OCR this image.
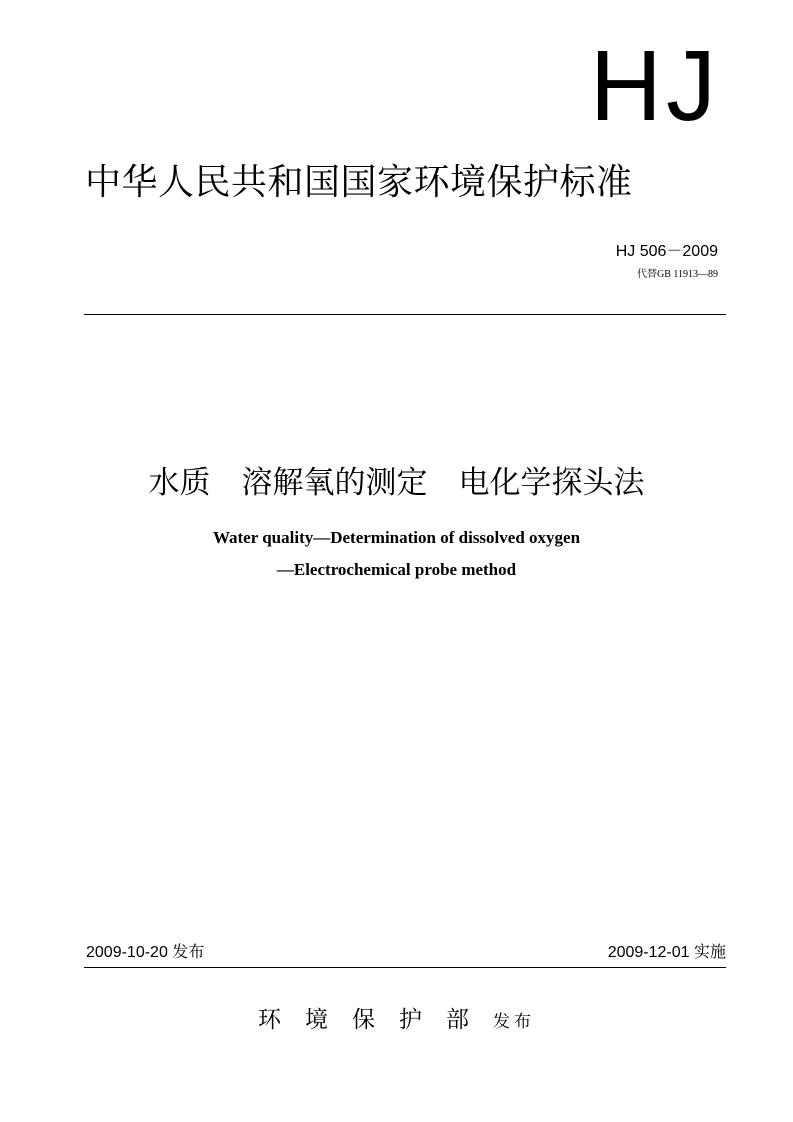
HJ
中华人民共和国国家环境保护标准
HJ 506－2009
代替GB 11913—89
水质　溶解氧的测定　电化学探头法
Water quality—Determination of dissolved oxygen
—Electrochemical probe method
2009-10-20 发布	2009-12-01 实施
环境保护部发布
